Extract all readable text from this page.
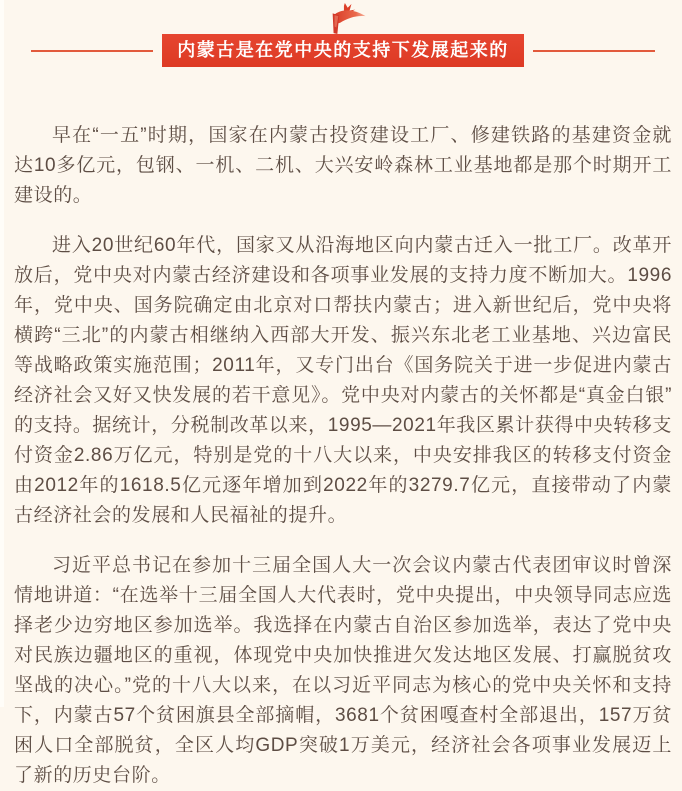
内蒙古是在党中央的支持下发展起来的

早在“一五”时期，国家在内蒙古投资建设工厂、修建铁路的基建资金就达10多亿元，包钢、一机、二机、大兴安岭森林工业基地都是那个时期开工建设的。

进入20世纪60年代，国家又从沿海地区向内蒙古迁入一批工厂。改革开放后，党中央对内蒙古经济建设和各项事业发展的支持力度不断加大。1996年，党中央、国务院确定由北京对口帮扶内蒙古；进入新世纪后，党中央将横跨“三北”的内蒙古相继纳入西部大开发、振兴东北老工业基地、兴边富民等战略政策实施范围；2011年，又专门出台《国务院关于进一步促进内蒙古经济社会又好又快发展的若干意见》。党中央对内蒙古的关怀都是“真金白银”的支持。据统计，分税制改革以来，1995—2021年我区累计获得中央转移支付资金2.86万亿元，特别是党的十八大以来，中央安排我区的转移支付资金由2012年的1618.5亿元逐年增加到2022年的3279.7亿元，直接带动了内蒙古经济社会的发展和人民福祉的提升。

习近平总书记在参加十三届全国人大一次会议内蒙古代表团审议时曾深情地讲道：“在选举十三届全国人大代表时，党中央提出，中央领导同志应选择老少边穷地区参加选举。我选择在内蒙古自治区参加选举，表达了党中央对民族边疆地区的重视，体现党中央加快推进欠发达地区发展、打赢脱贫攻坚战的决心。”党的十八大以来，在以习近平同志为核心的党中央关怀和支持下，内蒙古57个贫困旗县全部摘帽，3681个贫困嘎查村全部退出，157万贫困人口全部脱贫，全区人均GDP突破1万美元，经济社会各项事业发展迈上了新的历史台阶。
